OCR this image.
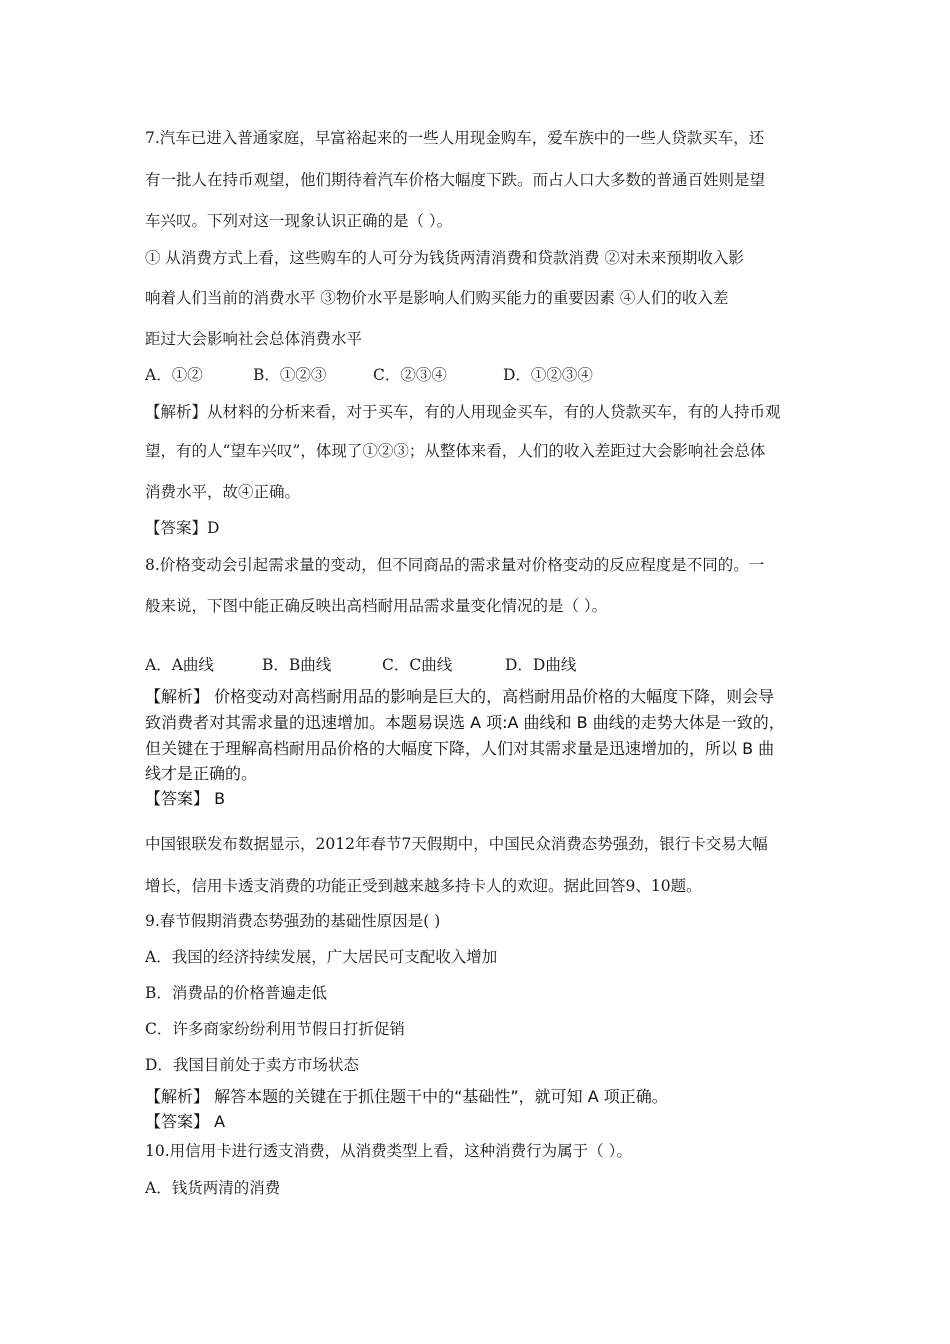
7.汽车已进入普通家庭，早富裕起来的一些人用现金购车，爱车族中的一些人贷款买车，还
有一批人在持币观望，他们期待着汽车价格大幅度下跌。而占人口大多数的普通百姓则是望
车兴叹。下列对这一现象认识正确的是（ ）。
① 从消费方式上看，这些购车的人可分为钱货两清消费和贷款消费 ②对未来预期收入影
响着人们当前的消费水平 ③物价水平是影响人们购买能力的重要因素 ④人们的收入差
距过大会影响社会总体消费水平
A．①②	B．①②③	C．②③④	D．①②③④
【解析】从材料的分析来看，对于买车，有的人用现金买车，有的人贷款买车，有的人持币观
望，有的人“望车兴叹”，体现了①②③；从整体来看，人们的收入差距过大会影响社会总体
消费水平，故④正确。
【答案】D
8.价格变动会引起需求量的变动，但不同商品的需求量对价格变动的反应程度是不同的。一
般来说，下图中能正确反映出高档耐用品需求量变化情况的是（ ）。
A．A曲线	B．B曲线	C．C曲线	D．D曲线
【解析】 价格变动对高档耐用品的影响是巨大的，高档耐用品价格的大幅度下降，则会导
致消费者对其需求量的迅速增加。本题易误选 A 项:A 曲线和 B 曲线的走势大体是一致的，
但关键在于理解高档耐用品价格的大幅度下降，人们对其需求量是迅速增加的，所以 B 曲
线才是正确的。
【答案】 B
中国银联发布数据显示，2012年春节7天假期中，中国民众消费态势强劲，银行卡交易大幅
增长，信用卡透支消费的功能正受到越来越多持卡人的欢迎。据此回答9、10题。
9.春节假期消费态势强劲的基础性原因是( )
A．我国的经济持续发展，广大居民可支配收入增加
B．消费品的价格普遍走低
C．许多商家纷纷利用节假日打折促销
D．我国目前处于卖方市场状态
【解析】 解答本题的关键在于抓住题干中的“基础性”，就可知 A 项正确。
【答案】 A
10.用信用卡进行透支消费，从消费类型上看，这种消费行为属于（ ）。
A．钱货两清的消费
